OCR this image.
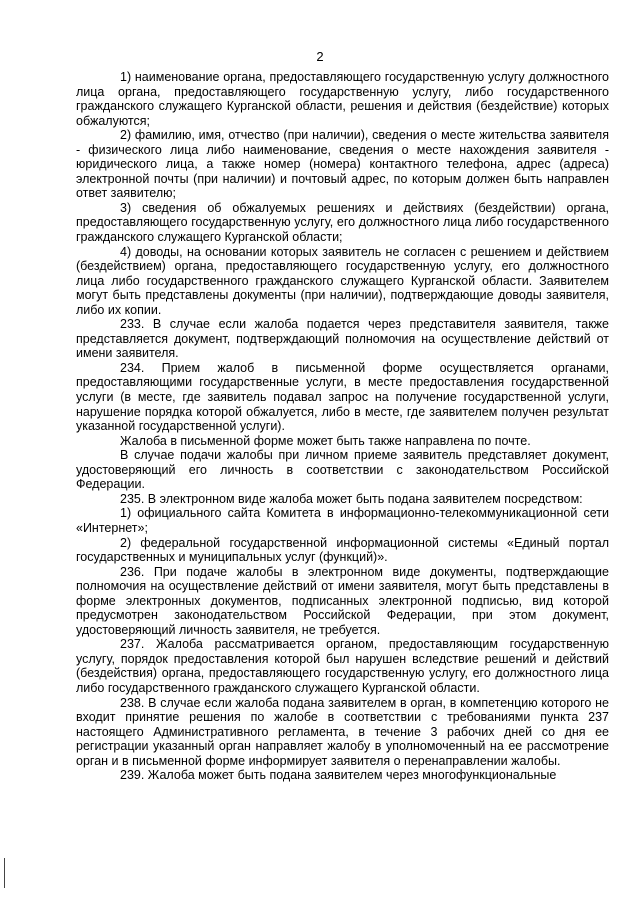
2

1) наименование органа, предоставляющего государственную услугу должностного лица органа, предоставляющего государственную услугу, либо государственного гражданского служащего Курганской области, решения и действия (бездействие) которых обжалуются;

2) фамилию, имя, отчество (при наличии), сведения о месте жительства заявителя - физического лица либо наименование, сведения о месте нахождения заявителя - юридического лица, а также номер (номера) контактного телефона, адрес (адреса) электронной почты (при наличии) и почтовый адрес, по которым должен быть направлен ответ заявителю;

3) сведения об обжалуемых решениях и действиях (бездействии) органа, предоставляющего государственную услугу, его должностного лица либо государственного гражданского служащего Курганской области;

4) доводы, на основании которых заявитель не согласен с решением и действием (бездействием) органа, предоставляющего государственную услугу, его должностного лица либо государственного гражданского служащего Курганской области. Заявителем могут быть представлены документы (при наличии), подтверждающие доводы заявителя, либо их копии.

233. В случае если жалоба подается через представителя заявителя, также представляется документ, подтверждающий полномочия на осуществление действий от имени заявителя.

234. Прием жалоб в письменной форме осуществляется органами, предоставляющими государственные услуги, в месте предоставления государственной услуги (в месте, где заявитель подавал запрос на получение государственной услуги, нарушение порядка которой обжалуется, либо в месте, где заявителем получен результат указанной государственной услуги).

Жалоба в письменной форме может быть также направлена по почте.

В случае подачи жалобы при личном приеме заявитель представляет документ, удостоверяющий его личность в соответствии с законодательством Российской Федерации.

235. В электронном виде жалоба может быть подана заявителем посредством:

1) официального сайта Комитета в информационно-телекоммуникационной сети «Интернет»;

2) федеральной государственной информационной системы «Единый портал государственных и муниципальных услуг (функций)».

236. При подаче жалобы в электронном виде документы, подтверждающие полномочия на осуществление действий от имени заявителя, могут быть представлены в форме электронных документов, подписанных электронной подписью, вид которой предусмотрен законодательством Российской Федерации, при этом документ, удостоверяющий личность заявителя, не требуется.

237. Жалоба рассматривается органом, предоставляющим государственную услугу, порядок предоставления которой был нарушен вследствие решений и действий (бездействия) органа, предоставляющего государственную услугу, его должностного лица либо государственного гражданского служащего Курганской области.

238. В случае если жалоба подана заявителем в орган, в компетенцию которого не входит принятие решения по жалобе в соответствии с требованиями пункта 237 настоящего Административного регламента, в течение 3 рабочих дней со дня ее регистрации указанный орган направляет жалобу в уполномоченный на ее рассмотрение орган и в письменной форме информирует заявителя о перенаправлении жалобы.

239. Жалоба может быть подана заявителем через многофункциональные
